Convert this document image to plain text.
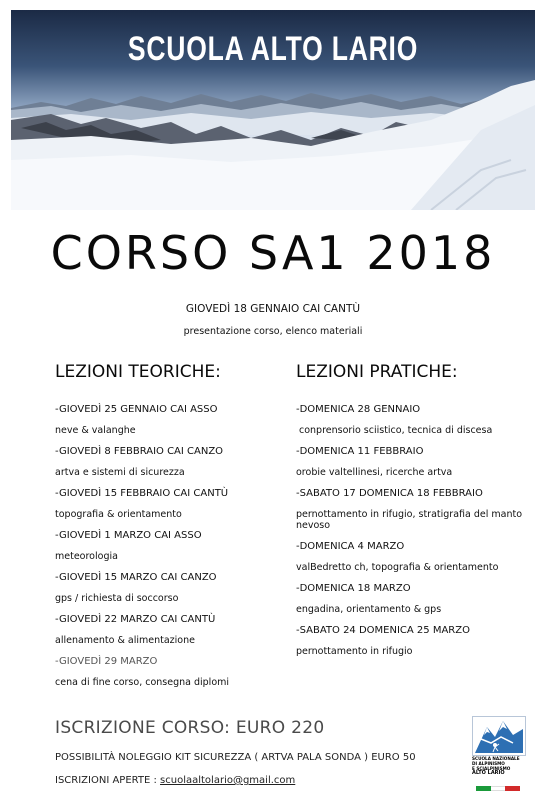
SCUOLA ALTO LARIO
CORSO SA1 2018
GIOVEDÌ 18 GENNAIO CAI CANTÙ
presentazione corso, elenco materiali
LEZIONI TEORICHE:
-GIOVEDÌ 25 GENNAIO CAI ASSO
neve & valanghe
-GIOVEDÌ 8 FEBBRAIO CAI CANZO
artva e sistemi di sicurezza
-GIOVEDÌ 15 FEBBRAIO CAI CANTÙ
topografia & orientamento
-GIOVEDÌ 1 MARZO CAI ASSO
meteorologia
-GIOVEDÌ 15 MARZO CAI CANZO
gps / richiesta di soccorso
-GIOVEDÌ 22 MARZO CAI CANTÙ
allenamento & alimentazione
-GIOVEDÌ 29 MARZO
cena di fine corso, consegna diplomi
LEZIONI PRATICHE:
-DOMENICA 28 GENNAIO
conprensorio sciistico, tecnica di discesa
-DOMENICA 11 FEBBRAIO
orobie valtellinesi, ricerche artva
-SABATO 17 DOMENICA 18 FEBBRAIO
pernottamento in rifugio, stratigrafia del manto nevoso
-DOMENICA 4 MARZO
valBedretto ch, topografia & orientamento
-DOMENICA 18 MARZO
engadina, orientamento & gps
-SABATO 24 DOMENICA 25 MARZO
pernottamento in rifugio
ISCRIZIONE CORSO: EURO 220
POSSIBILITÀ NOLEGGIO KIT SICUREZZA ( ARTVA PALA SONDA ) EURO 50
ISCRIZIONI APERTE : scuolaaltolario@gmail.com
SCUOLA NAZIONALE
DI ALPINISMO
E SCIALPINISMO
ALTO LARIO
